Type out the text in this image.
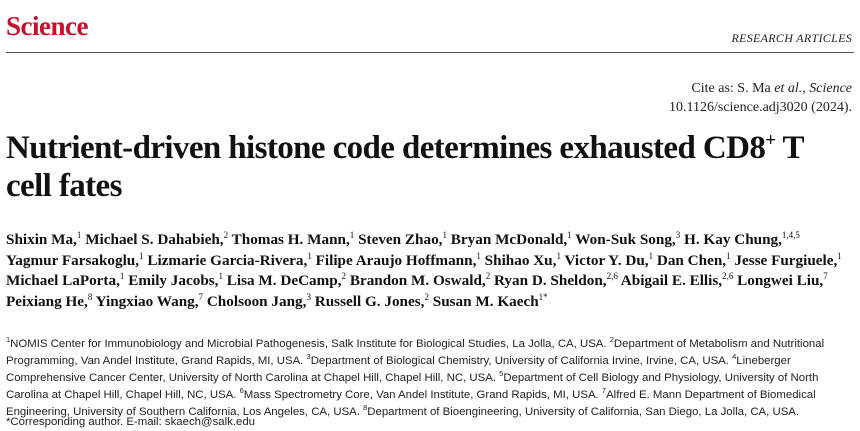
Science	RESEARCH ARTICLES
Cite as: S. Ma et al., Science
10.1126/science.adj3020 (2024).
Nutrient-driven histone code determines exhausted CD8+ T cell fates

Shixin Ma,$^1$ Michael S. Dahabieh,$^2$ Thomas H. Mann,$^1$ Steven Zhao,$^1$ Bryan McDonald,$^1$ Won-Suk Song,$^3$ H. Kay Chung,$^{1,4,5}$ Yagmur Farsakoglu,$^1$ Lizmarie Garcia-Rivera,$^1$ Filipe Araujo Hoffmann,$^1$ Shihao Xu,$^1$ Victor Y. Du,$^1$ Dan Chen,$^1$ Jesse Furgiuele,$^1$ Michael LaPorta,$^1$ Emily Jacobs,$^1$ Lisa M. DeCamp,$^2$ Brandon M. Oswald,$^2$ Ryan D. Sheldon,$^{2,6}$ Abigail E. Ellis,$^{2,6}$ Longwei Liu,$^7$ Peixiang He,$^8$ Yingxiao Wang,$^7$ Cholsoon Jang,$^3$ Russell G. Jones,$^2$ Susan M. Kaech$^{1*}$

$^1$NOMIS Center for Immunobiology and Microbial Pathogenesis, Salk Institute for Biological Studies, La Jolla, CA, USA. $^2$Department of Metabolism and Nutritional Programming, Van Andel Institute, Grand Rapids, MI, USA. $^3$Department of Biological Chemistry, University of California Irvine, Irvine, CA, USA. $^4$Lineberger Comprehensive Cancer Center, University of North Carolina at Chapel Hill, Chapel Hill, NC, USA. $^5$Department of Cell Biology and Physiology, University of North Carolina at Chapel Hill, Chapel Hill, NC, USA. $^6$Mass Spectrometry Core, Van Andel Institute, Grand Rapids, MI, USA. $^7$Alfred E. Mann Department of Biomedical Engineering, University of Southern California, Los Angeles, CA, USA. $^8$Department of Bioengineering, University of California, San Diego, La Jolla, CA, USA.

*Corresponding author. E-mail: skaech@salk.edu
